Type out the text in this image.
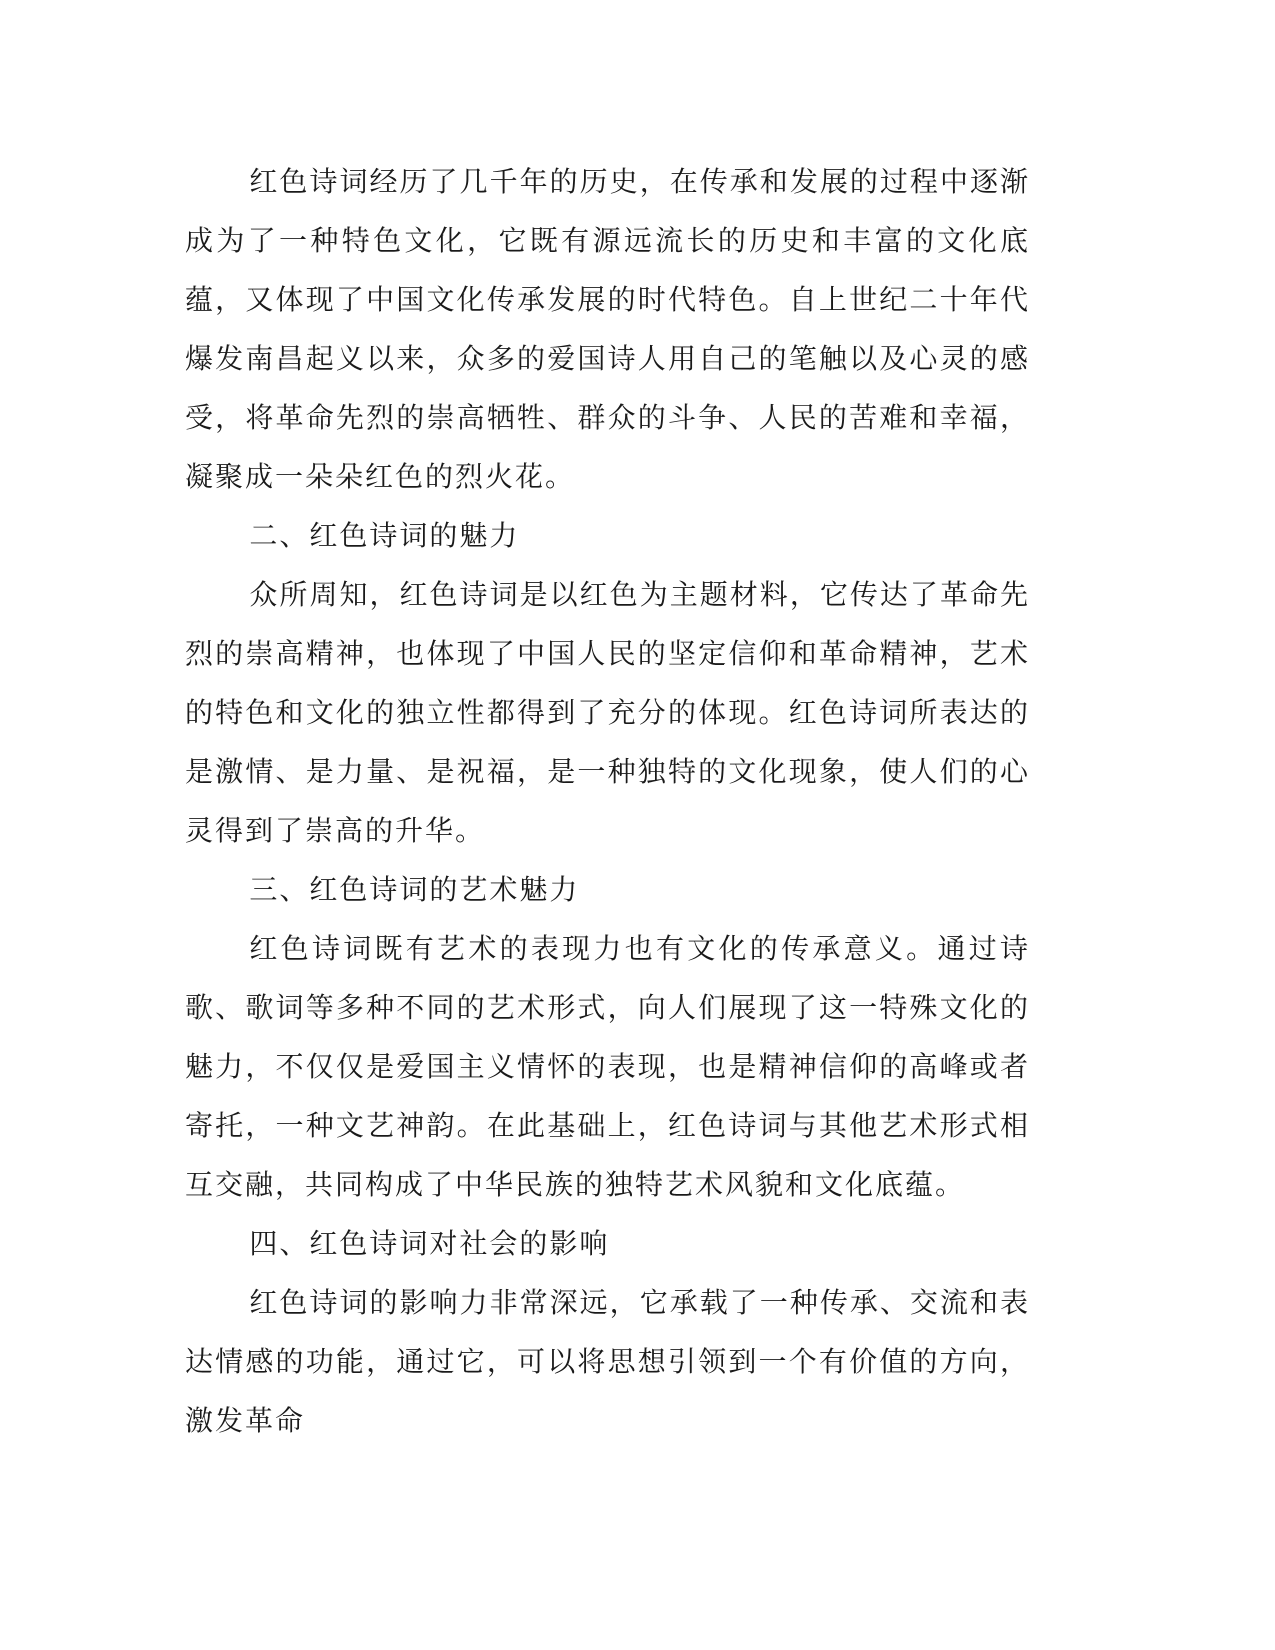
红色诗词经历了几千年的历史，在传承和发展的过程中逐渐成为了一种特色文化，它既有源远流长的历史和丰富的文化底蕴，又体现了中国文化传承发展的时代特色。自上世纪二十年代爆发南昌起义以来，众多的爱国诗人用自己的笔触以及心灵的感受，将革命先烈的崇高牺牲、群众的斗争、人民的苦难和幸福，凝聚成一朵朵红色的烈火花。

二、红色诗词的魅力

众所周知，红色诗词是以红色为主题材料，它传达了革命先烈的崇高精神，也体现了中国人民的坚定信仰和革命精神，艺术的特色和文化的独立性都得到了充分的体现。红色诗词所表达的是激情、是力量、是祝福，是一种独特的文化现象，使人们的心灵得到了崇高的升华。

三、红色诗词的艺术魅力

红色诗词既有艺术的表现力也有文化的传承意义。通过诗歌、歌词等多种不同的艺术形式，向人们展现了这一特殊文化的魅力，不仅仅是爱国主义情怀的表现，也是精神信仰的高峰或者寄托，一种文艺神韵。在此基础上，红色诗词与其他艺术形式相互交融，共同构成了中华民族的独特艺术风貌和文化底蕴。

四、红色诗词对社会的影响

红色诗词的影响力非常深远，它承载了一种传承、交流和表达情感的功能，通过它，可以将思想引领到一个有价值的方向，激发革命
